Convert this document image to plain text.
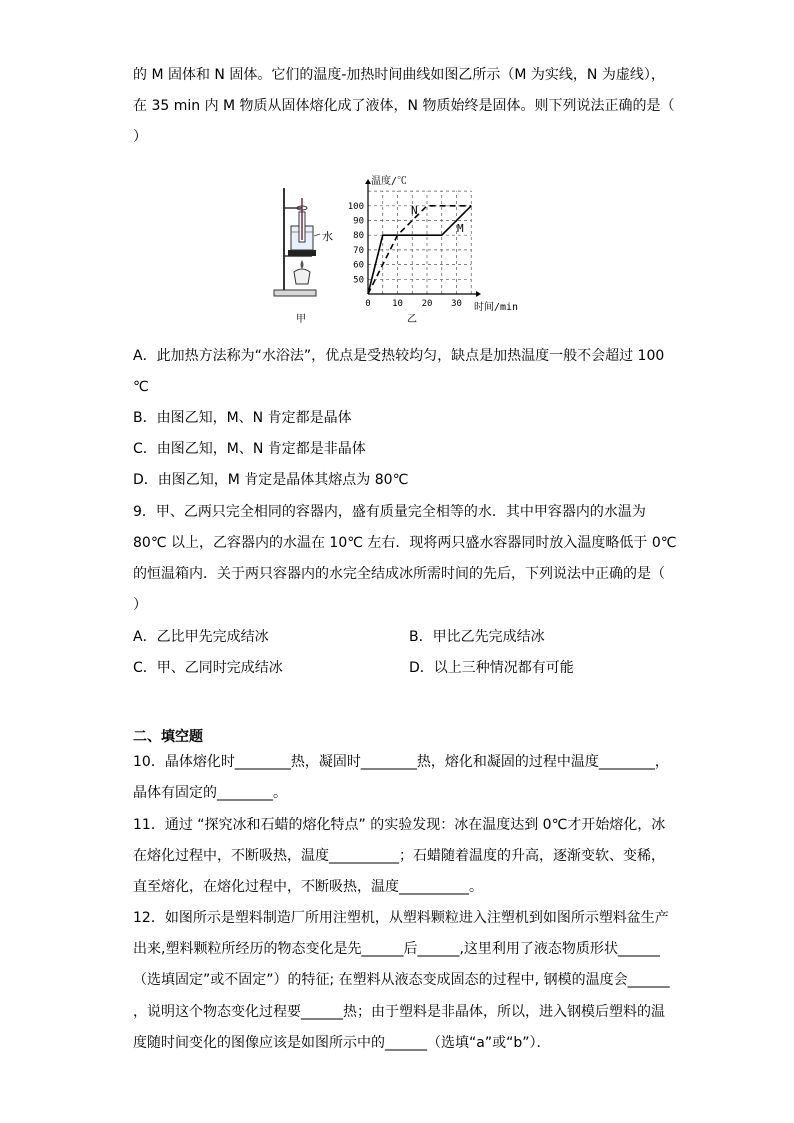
的 M 固体和 N 固体。它们的温度-加热时间曲线如图乙所示（M 为实线，N 为虚线），
在 35 min 内 M 物质从固体熔化成了液体，N 物质始终是固体。则下列说法正确的是（
）
水
甲
50
60
70
80
90
100
0 10 20 30
温度/℃
时间/min
N
M
乙
A．此加热方法称为“水浴法”，优点是受热较均匀，缺点是加热温度一般不会超过 100
℃
B．由图乙知，M、N 肯定都是晶体
C．由图乙知，M、N 肯定都是非晶体
D．由图乙知，M 肯定是晶体其熔点为 80℃
9．甲、乙两只完全相同的容器内，盛有质量完全相等的水．其中甲容器内的水温为
80℃ 以上，乙容器内的水温在 10℃ 左右．现将两只盛水容器同时放入温度略低于 0℃
的恒温箱内．关于两只容器内的水完全结成冰所需时间的先后，下列说法中正确的是（
）
A．乙比甲先完成结冰	B．甲比乙先完成结冰
C．甲、乙同时完成结冰	D．以上三种情况都有可能
二、填空题
10．晶体熔化时________热，凝固时________热，熔化和凝固的过程中温度________，
晶体有固定的________。
11．通过 “探究冰和石蜡的熔化特点” 的实验发现：冰在温度达到 0℃才开始熔化，冰
在熔化过程中，不断吸热，温度__________；石蜡随着温度的升高，逐渐变软、变稀，
直至熔化，在熔化过程中，不断吸热，温度__________。
12．如图所示是塑料制造厂所用注塑机，从塑料颗粒进入注塑机到如图所示塑料盆生产
出来,塑料颗粒所经历的物态变化是先______后______,这里利用了液态物质形状______
（选填固定”或不固定”）的特征; 在塑料从液态变成固态的过程中, 钢模的温度会______
，说明这个物态变化过程要______热；由于塑料是非晶体，所以，进入钢模后塑料的温
度随时间变化的图像应该是如图所示中的______（选填“a”或“b”）．
